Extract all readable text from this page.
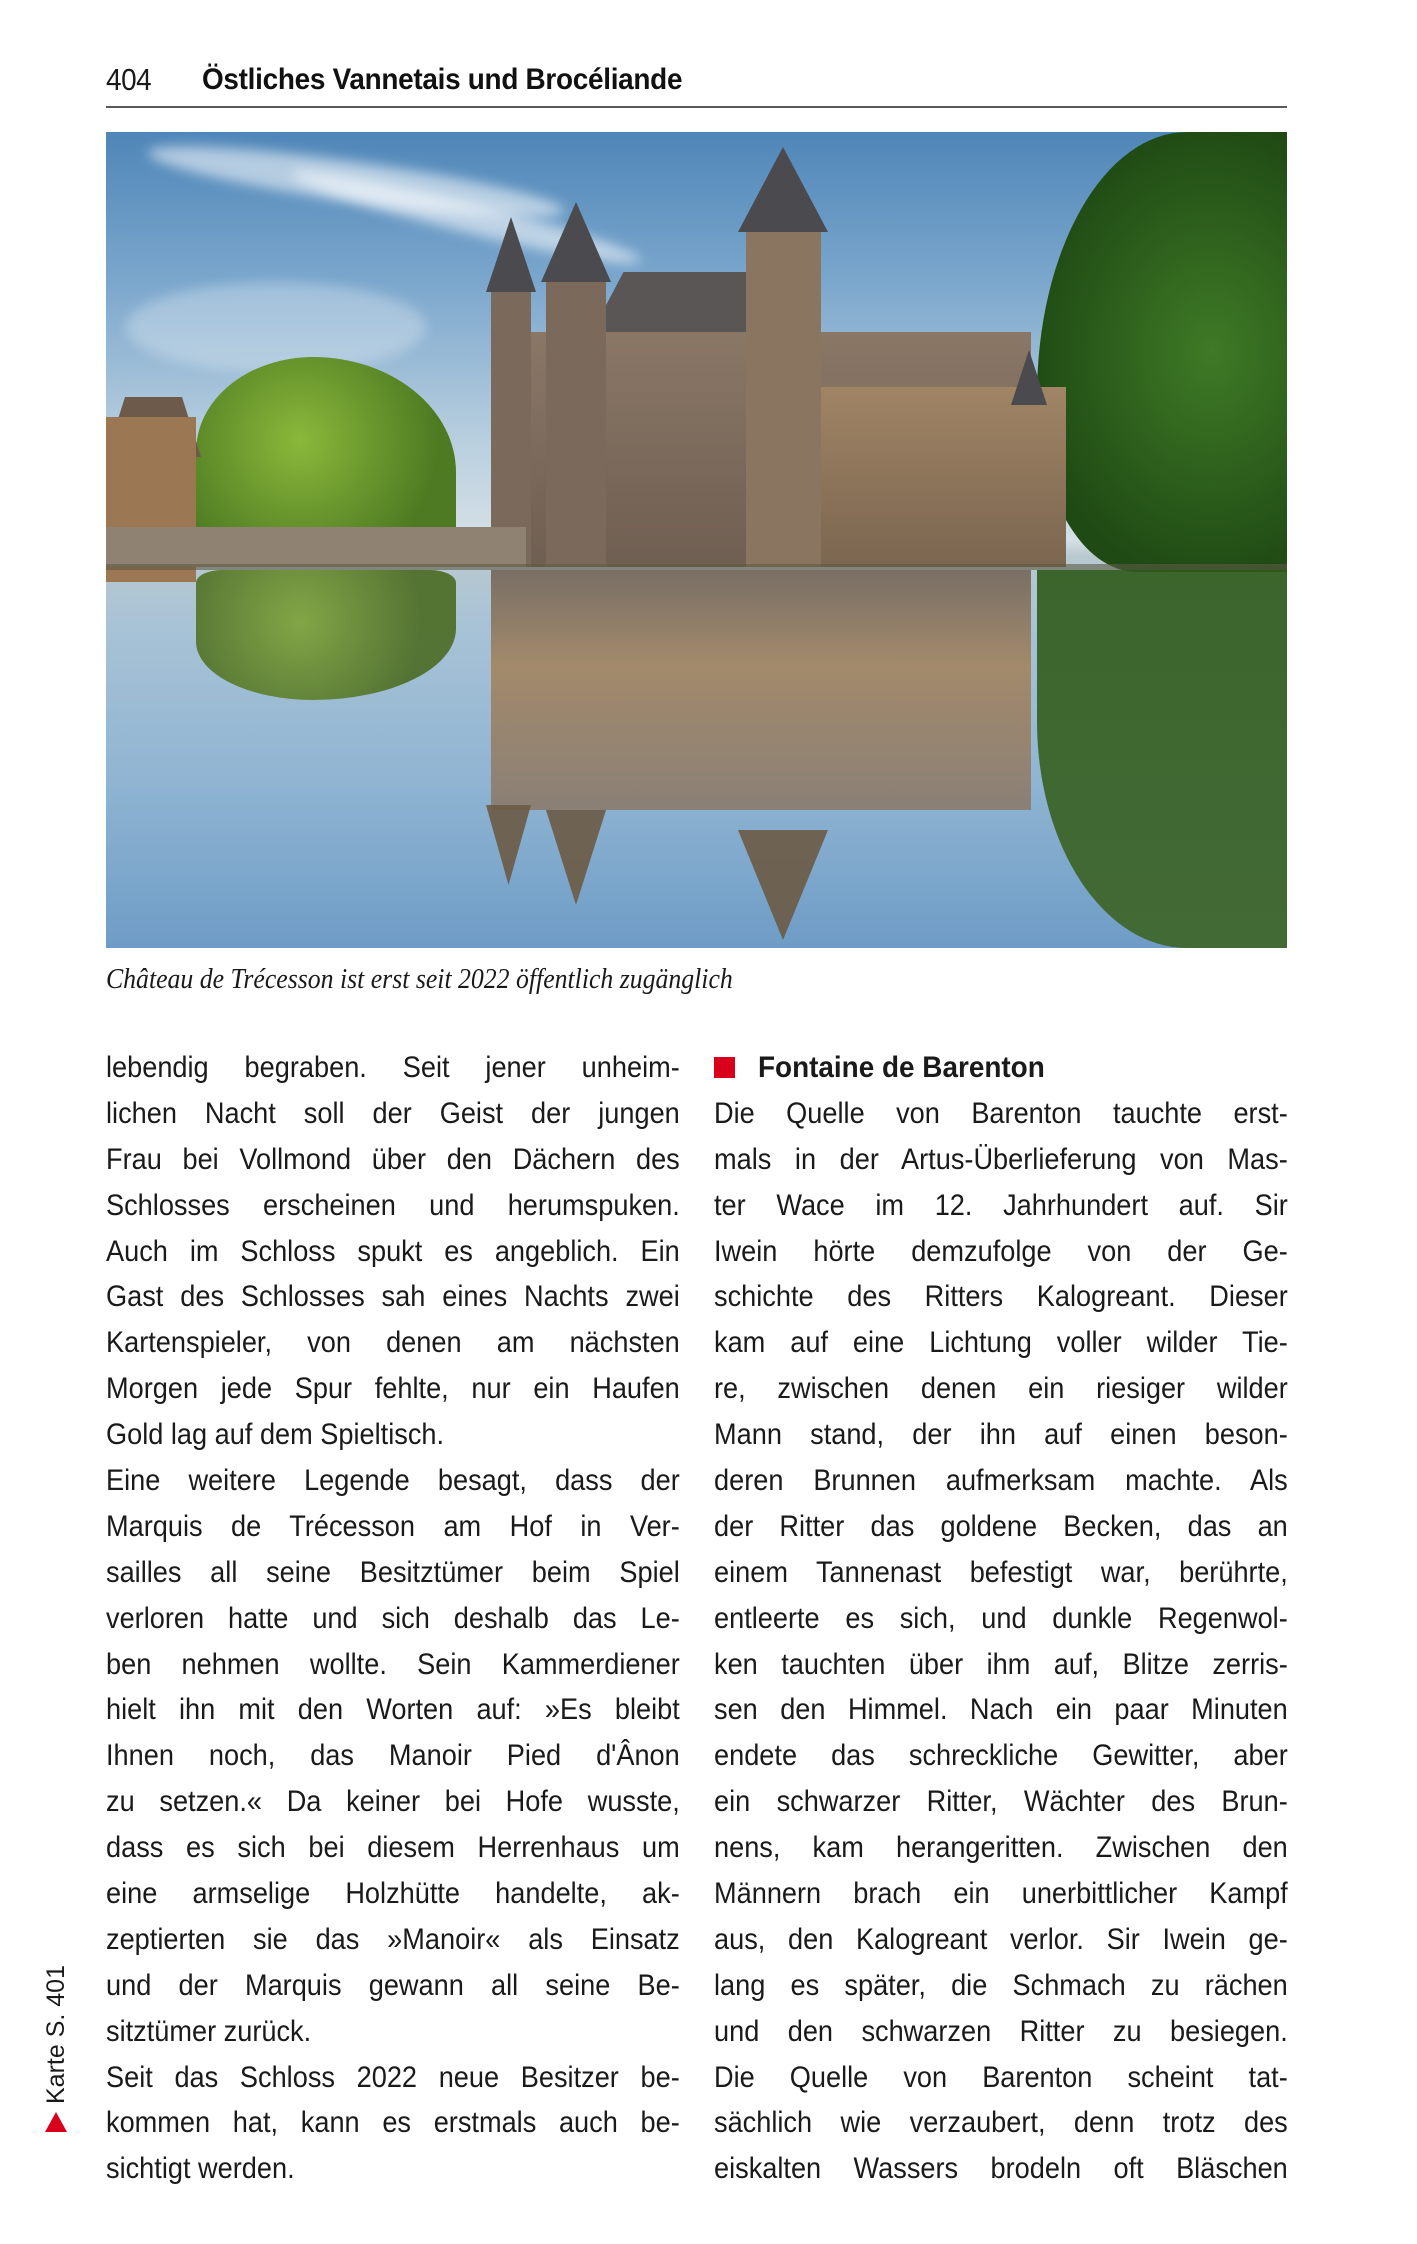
404 Östliches Vannetais und Brocéliande
Château de Trécesson ist erst seit 2022 öffentlich zugänglich
lebendig begraben. Seit jener unheim-
lichen Nacht soll der Geist der jungen
Frau bei Vollmond über den Dächern des
Schlosses erscheinen und herumspuken.
Auch im Schloss spukt es angeblich. Ein
Gast des Schlosses sah eines Nachts zwei
Kartenspieler, von denen am nächsten
Morgen jede Spur fehlte, nur ein Haufen
Gold lag auf dem Spieltisch.
Eine weitere Legende besagt, dass der
Marquis de Trécesson am Hof in Ver-
sailles all seine Besitztümer beim Spiel
verloren hatte und sich deshalb das Le-
ben nehmen wollte. Sein Kammerdiener
hielt ihn mit den Worten auf: »Es bleibt
Ihnen noch, das Manoir Pied d'Ânon
zu setzen.« Da keiner bei Hofe wusste,
dass es sich bei diesem Herrenhaus um
eine armselige Holzhütte handelte, ak-
zeptierten sie das »Manoir« als Einsatz
und der Marquis gewann all seine Be-
sitztümer zurück.
Seit das Schloss 2022 neue Besitzer be-
kommen hat, kann es erstmals auch be-
sichtigt werden.
Fontaine de Barenton
Die Quelle von Barenton tauchte erst-
mals in der Artus-Überlieferung von Mas-
ter Wace im 12. Jahrhundert auf. Sir
Iwein hörte demzufolge von der Ge-
schichte des Ritters Kalogreant. Dieser
kam auf eine Lichtung voller wilder Tie-
re, zwischen denen ein riesiger wilder
Mann stand, der ihn auf einen beson-
deren Brunnen aufmerksam machte. Als
der Ritter das goldene Becken, das an
einem Tannenast befestigt war, berührte,
entleerte es sich, und dunkle Regenwol-
ken tauchten über ihm auf, Blitze zerris-
sen den Himmel. Nach ein paar Minuten
endete das schreckliche Gewitter, aber
ein schwarzer Ritter, Wächter des Brun-
nens, kam herangeritten. Zwischen den
Männern brach ein unerbittlicher Kampf
aus, den Kalogreant verlor. Sir Iwein ge-
lang es später, die Schmach zu rächen
und den schwarzen Ritter zu besiegen.
Die Quelle von Barenton scheint tat-
sächlich wie verzaubert, denn trotz des
eiskalten Wassers brodeln oft Bläschen
Karte S. 401
